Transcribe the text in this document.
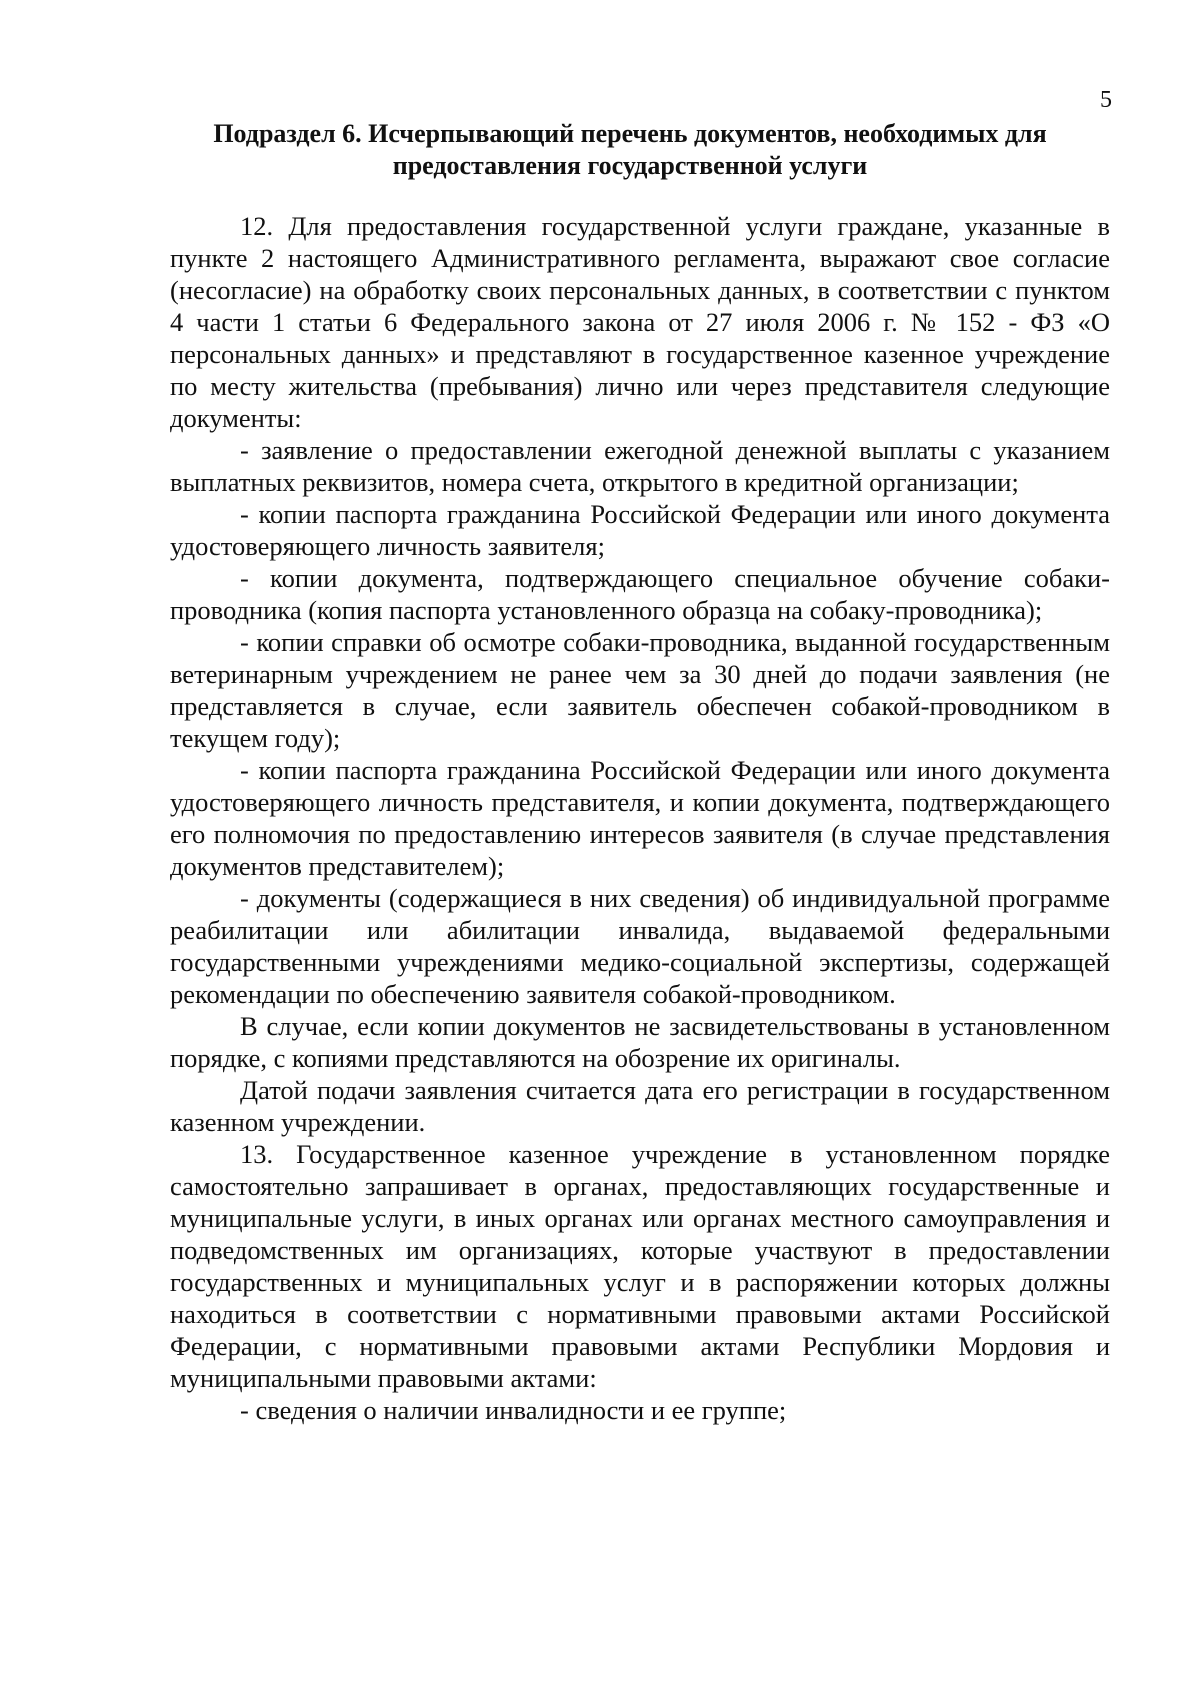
5
Подраздел 6. Исчерпывающий перечень документов, необходимых для
предоставления государственной услуги

12. Для предоставления государственной услуги граждане, указанные в пункте 2 настоящего Административного регламента, выражают свое согласие (несогласие) на обработку своих персональных данных, в соответствии с пунктом 4 части 1 статьи 6 Федерального закона от 27 июля 2006 г. № 152 - ФЗ «О персональных данных» и представляют в государственное казенное учреждение по месту жительства (пребывания) лично или через представителя следующие документы:

- заявление о предоставлении ежегодной денежной выплаты с указанием выплатных реквизитов, номера счета, открытого в кредитной организации;

- копии паспорта гражданина Российской Федерации или иного документа удостоверяющего личность заявителя;

- копии документа, подтверждающего специальное обучение собаки-проводника (копия паспорта установленного образца на собаку-проводника);

- копии справки об осмотре собаки-проводника, выданной государственным ветеринарным учреждением не ранее чем за 30 дней до подачи заявления (не представляется в случае, если заявитель обеспечен собакой-проводником в текущем году);

- копии паспорта гражданина Российской Федерации или иного документа удостоверяющего личность представителя, и копии документа, подтверждающего его полномочия по предоставлению интересов заявителя (в случае представления документов представителем);

- документы (содержащиеся в них сведения) об индивидуальной программе реабилитации или абилитации инвалида, выдаваемой федеральными государственными учреждениями медико-социальной экспертизы, содержащей рекомендации по обеспечению заявителя собакой-проводником.

В случае, если копии документов не засвидетельствованы в установленном порядке, с копиями представляются на обозрение их оригиналы.

Датой подачи заявления считается дата его регистрации в государственном казенном учреждении.

13. Государственное казенное учреждение в установленном порядке самостоятельно запрашивает в органах, предоставляющих государственные и муниципальные услуги, в иных органах или органах местного самоуправления и подведомственных им организациях, которые участвуют в предоставлении государственных и муниципальных услуг и в распоряжении которых должны находиться в соответствии с нормативными правовыми актами Российской Федерации, с нормативными правовыми актами Республики Мордовия и муниципальными правовыми актами:

- сведения о наличии инвалидности и ее группе;
